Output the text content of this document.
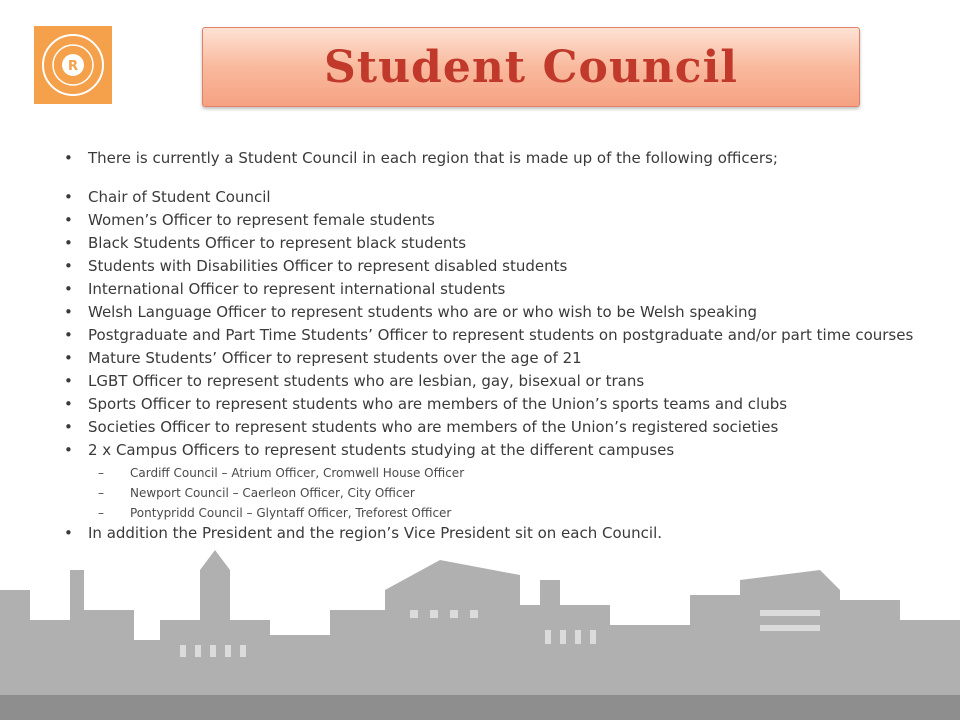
R	Student Council
• There is currently a Student Council in each region that is made up of the following officers;
• Chair of Student Council
• Women’s Officer to represent female students
• Black Students Officer to represent black students
• Students with Disabilities Officer to represent disabled students
• International Officer to represent international students
• Welsh Language Officer to represent students who are or who wish to be Welsh speaking
• Postgraduate and Part Time Students’ Officer to represent students on postgraduate and/or part time courses
• Mature Students’ Officer to represent students over the age of 21
• LGBT Officer to represent students who are lesbian, gay, bisexual or trans
• Sports Officer to represent students who are members of the Union’s sports teams and clubs
• Societies Officer to represent students who are members of the Union’s registered societies
• 2 x Campus Officers to represent students studying at the different campuses
– Cardiff Council – Atrium Officer, Cromwell House Officer
– Newport Council – Caerleon Officer, City Officer
– Pontypridd Council – Glyntaff Officer, Treforest Officer
• In addition the President and the region’s Vice President sit on each Council.
